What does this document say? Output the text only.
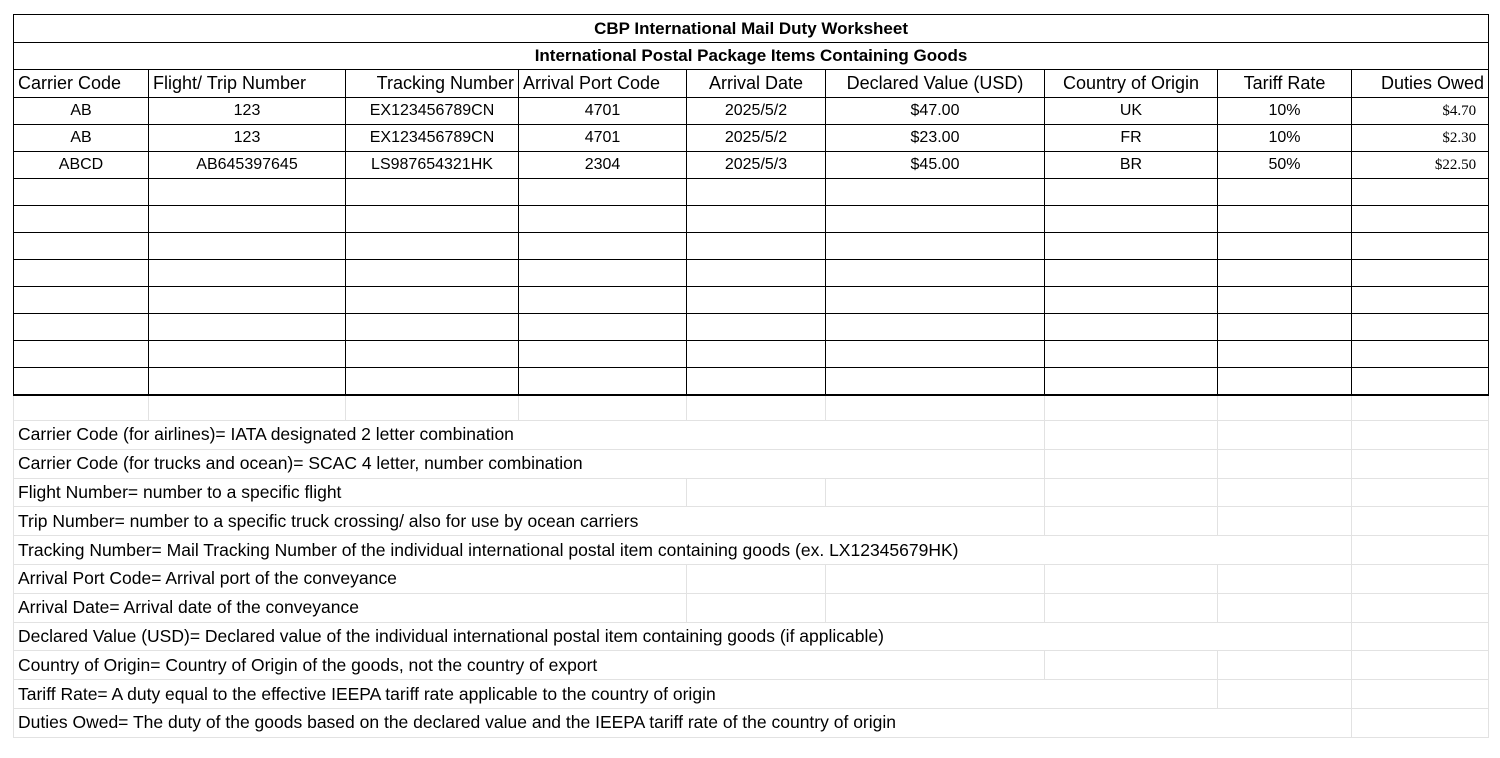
CBP International Mail Duty Worksheet								
International Postal Package Items Containing Goods								
Carrier Code	Flight/ Trip Number	Tracking Number	Arrival Port Code	Arrival Date	Declared Value (USD)	Country of Origin	Tariff Rate	Duties Owed
AB	123	EX123456789CN	4701	2025/5/2	$47.00	UK	10%	$4.70
AB	123	EX123456789CN	4701	2025/5/2	$23.00	FR	10%	$2.30
ABCD	AB645397645	LS987654321HK	2304	2025/5/3	$45.00	BR	50%	$22.50

Carrier Code (for airlines)= IATA designated 2 letter combination								
Carrier Code (for trucks and ocean)= SCAC 4 letter, number combination								
Flight Number= number to a specific flight								
Trip Number= number to a specific truck crossing/ also for use by ocean carriers								
Tracking Number= Mail Tracking Number of the individual international postal item containing goods (ex. LX12345679HK)								
Arrival Port Code= Arrival port of the conveyance								
Arrival Date= Arrival date of the conveyance								
Declared Value (USD)= Declared value of the individual international postal item containing goods (if applicable)								
Country of Origin= Country of Origin of the goods, not the country of export								
Tariff Rate= A duty equal to the effective IEEPA tariff rate applicable to the country of origin								
Duties Owed= The duty of the goods based on the declared value and the IEEPA tariff rate of the country of origin								
